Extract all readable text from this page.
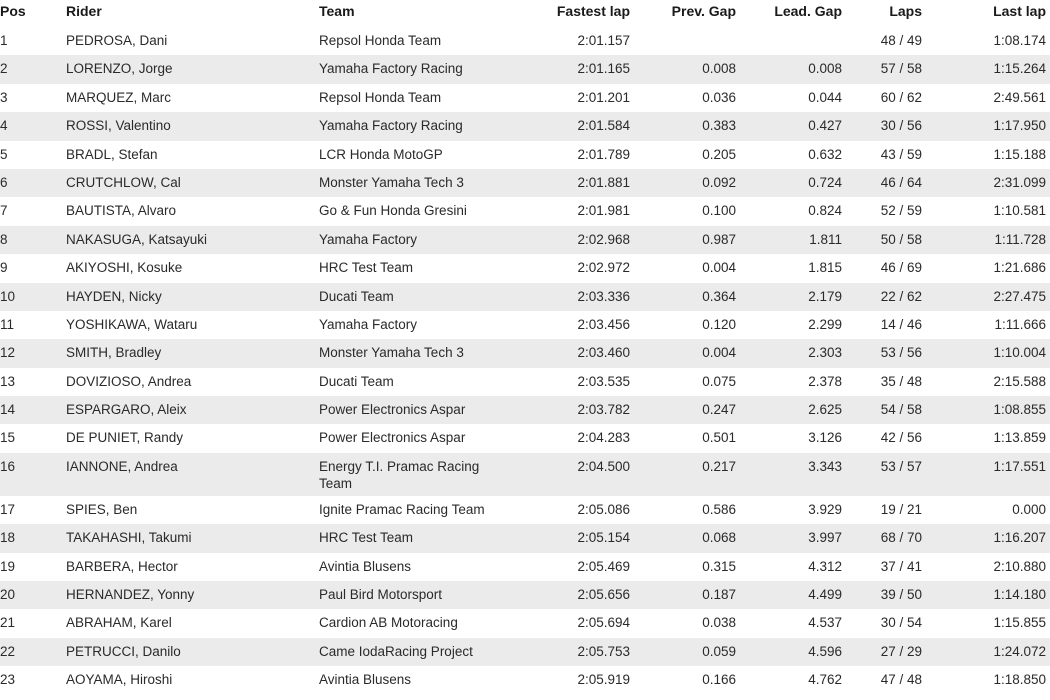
Pos	Rider	Team	Fastest lap	Prev. Gap	Lead. Gap	Laps	Last lap
1	PEDROSA, Dani	Repsol Honda Team	2:01.157			48 / 49	1:08.174
2	LORENZO, Jorge	Yamaha Factory Racing	2:01.165	0.008	0.008	57 / 58	1:15.264
3	MARQUEZ, Marc	Repsol Honda Team	2:01.201	0.036	0.044	60 / 62	2:49.561
4	ROSSI, Valentino	Yamaha Factory Racing	2:01.584	0.383	0.427	30 / 56	1:17.950
5	BRADL, Stefan	LCR Honda MotoGP	2:01.789	0.205	0.632	43 / 59	1:15.188
6	CRUTCHLOW, Cal	Monster Yamaha Tech 3	2:01.881	0.092	0.724	46 / 64	2:31.099
7	BAUTISTA, Alvaro	Go & Fun Honda Gresini	2:01.981	0.100	0.824	52 / 59	1:10.581
8	NAKASUGA, Katsayuki	Yamaha Factory	2:02.968	0.987	1.811	50 / 58	1:11.728
9	AKIYOSHI, Kosuke	HRC Test Team	2:02.972	0.004	1.815	46 / 69	1:21.686
10	HAYDEN, Nicky	Ducati Team	2:03.336	0.364	2.179	22 / 62	2:27.475
11	YOSHIKAWA, Wataru	Yamaha Factory	2:03.456	0.120	2.299	14 / 46	1:11.666
12	SMITH, Bradley	Monster Yamaha Tech 3	2:03.460	0.004	2.303	53 / 56	1:10.004
13	DOVIZIOSO, Andrea	Ducati Team	2:03.535	0.075	2.378	35 / 48	2:15.588
14	ESPARGARO, Aleix	Power Electronics Aspar	2:03.782	0.247	2.625	54 / 58	1:08.855
15	DE PUNIET, Randy	Power Electronics Aspar	2:04.283	0.501	3.126	42 / 56	1:13.859
16	IANNONE, Andrea	Energy T.I. Pramac Racing Team	2:04.500	0.217	3.343	53 / 57	1:17.551
17	SPIES, Ben	Ignite Pramac Racing Team	2:05.086	0.586	3.929	19 / 21	0.000
18	TAKAHASHI, Takumi	HRC Test Team	2:05.154	0.068	3.997	68 / 70	1:16.207
19	BARBERA, Hector	Avintia Blusens	2:05.469	0.315	4.312	37 / 41	2:10.880
20	HERNANDEZ, Yonny	Paul Bird Motorsport	2:05.656	0.187	4.499	39 / 50	1:14.180
21	ABRAHAM, Karel	Cardion AB Motoracing	2:05.694	0.038	4.537	30 / 54	1:15.855
22	PETRUCCI, Danilo	Came IodaRacing Project	2:05.753	0.059	4.596	27 / 29	1:24.072
23	AOYAMA, Hiroshi	Avintia Blusens	2:05.919	0.166	4.762	47 / 48	1:18.850
